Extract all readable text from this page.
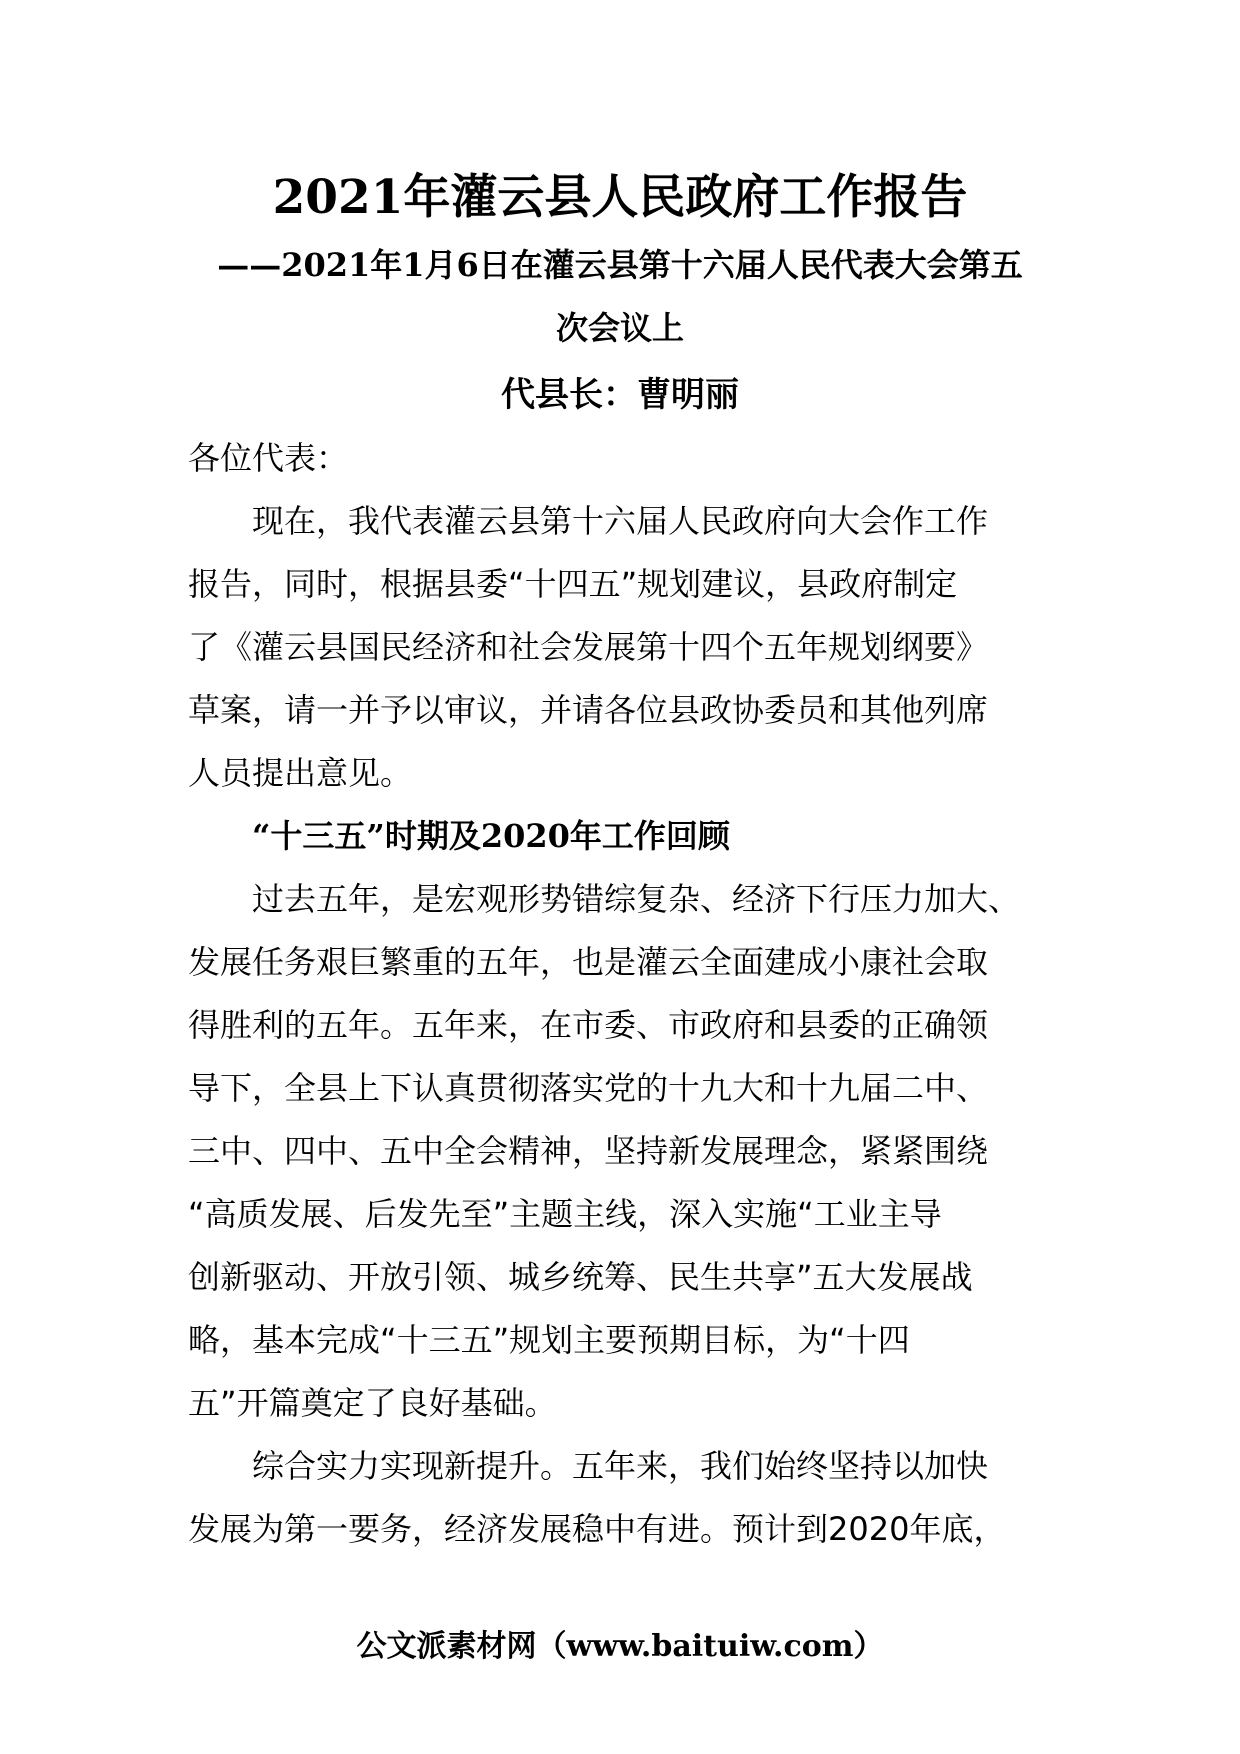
2021年灌云县人民政府工作报告
——2021年1月6日在灌云县第十六届人民代表大会第五
次会议上
代县长：曹明丽

各位代表：

　　现在，我代表灌云县第十六届人民政府向大会作工作

报告，同时，根据县委“十四五”规划建议，县政府制定

了《灌云县国民经济和社会发展第十四个五年规划纲要》

草案，请一并予以审议，并请各位县政协委员和其他列席

人员提出意见。

“十三五”时期及2020年工作回顾

　　过去五年，是宏观形势错综复杂、经济下行压力加大、

发展任务艰巨繁重的五年，也是灌云全面建成小康社会取

得胜利的五年。五年来，在市委、市政府和县委的正确领

导下，全县上下认真贯彻落实党的十九大和十九届二中、

三中、四中、五中全会精神，坚持新发展理念，紧紧围绕

“高质发展、后发先至”主题主线，深入实施“工业主导

创新驱动、开放引领、城乡统筹、民生共享”五大发展战

略，基本完成“十三五”规划主要预期目标，为“十四

五”开篇奠定了良好基础。

　　综合实力实现新提升。五年来，我们始终坚持以加快

发展为第一要务，经济发展稳中有进。预计到2020年底，

公文派素材网（www.baituiw.com）
